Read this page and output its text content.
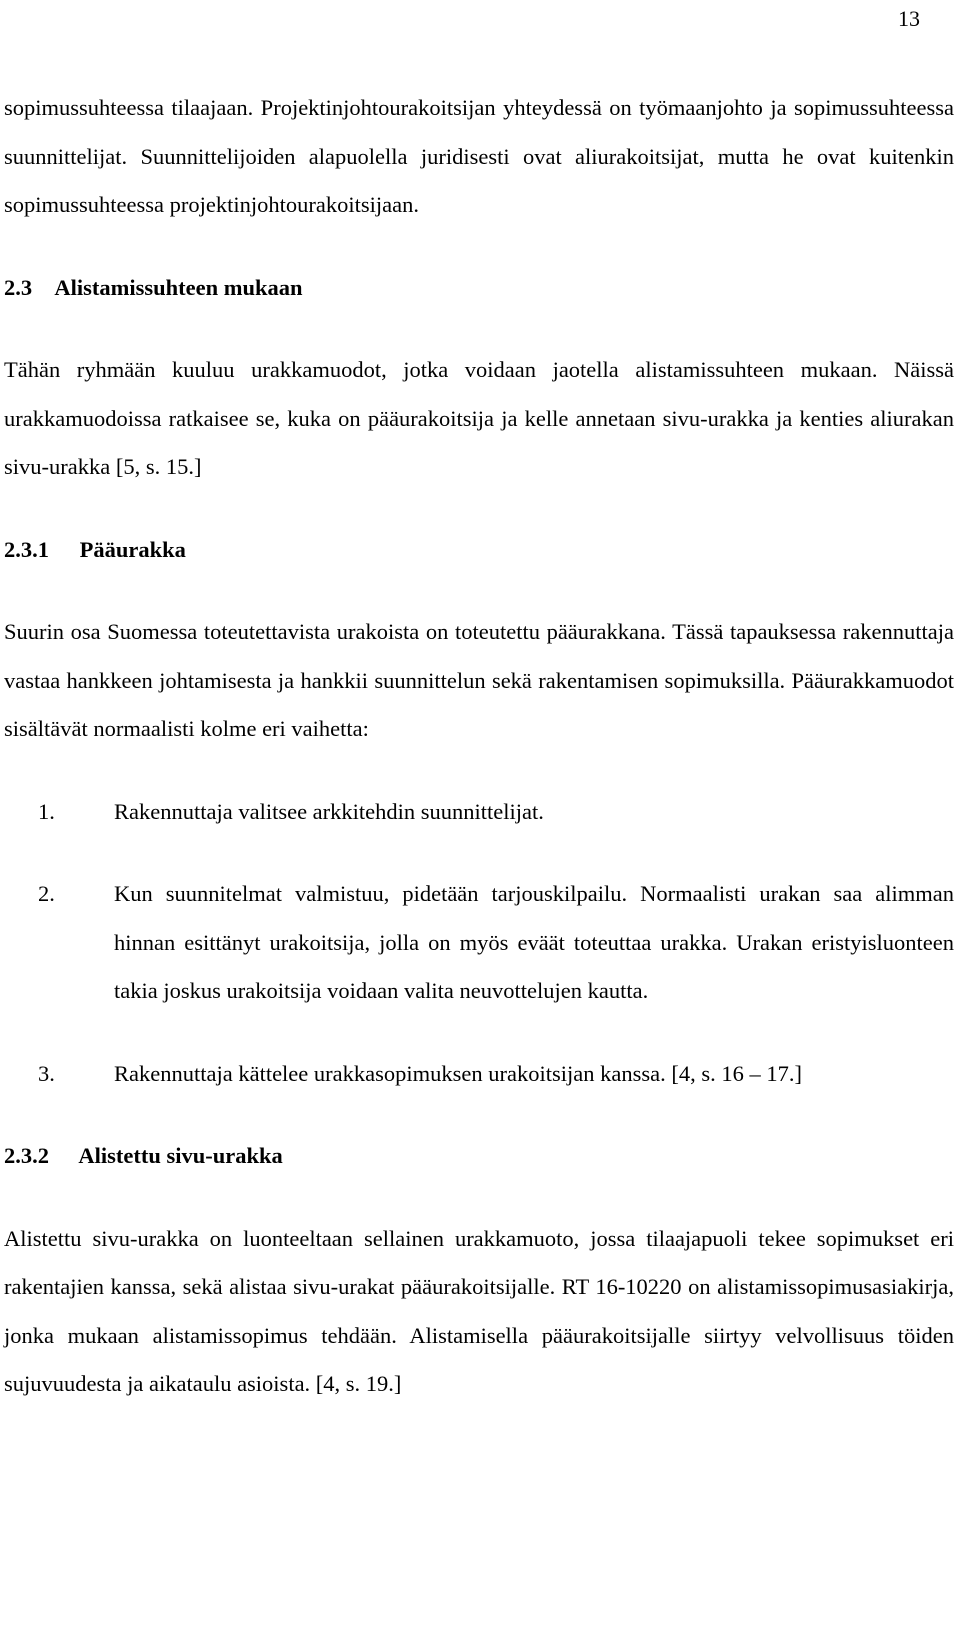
13

sopimussuhteessa tilaajaan. Projektinjohtourakoitsijan yhteydessä on työmaanjohto ja sopimussuhteessa suunnittelijat. Suunnittelijoiden alapuolella juridisesti ovat aliurakoitsijat, mutta he ovat kuitenkin sopimussuhteessa projektinjohtourakoitsijaan.

2.3 Alistamissuhteen mukaan

Tähän ryhmään kuuluu urakkamuodot, jotka voidaan jaotella alistamissuhteen mukaan. Näissä urakkamuodoissa ratkaisee se, kuka on pääurakoitsija ja kelle annetaan sivu-urakka ja kenties aliurakan sivu-urakka [5, s. 15.]

2.3.1 Pääurakka

Suurin osa Suomessa toteutettavista urakoista on toteutettu pääurakkana. Tässä tapauksessa rakennuttaja vastaa hankkeen johtamisesta ja hankkii suunnittelun sekä rakentamisen sopimuksilla. Pääurakkamuodot sisältävät normaalisti kolme eri vaihetta:

1.	Rakennuttaja valitsee arkkitehdin suunnittelijat.
2.	Kun suunnitelmat valmistuu, pidetään tarjouskilpailu. Normaalisti urakan saa alimman hinnan esittänyt urakoitsija, jolla on myös eväät toteuttaa urakka. Urakan eristyisluonteen takia joskus urakoitsija voidaan valita neuvottelujen kautta.
3.	Rakennuttaja kättelee urakkasopimuksen urakoitsijan kanssa. [4, s. 16 – 17.]
2.3.2 Alistettu sivu-urakka

Alistettu sivu-urakka on luonteeltaan sellainen urakkamuoto, jossa tilaajapuoli tekee sopimukset eri rakentajien kanssa, sekä alistaa sivu-urakat pääurakoitsijalle. RT 16-10220 on alistamissopimusasiakirja, jonka mukaan alistamissopimus tehdään. Alistamisella pääurakoitsijalle siirtyy velvollisuus töiden sujuvuudesta ja aikataulu asioista. [4, s. 19.]
